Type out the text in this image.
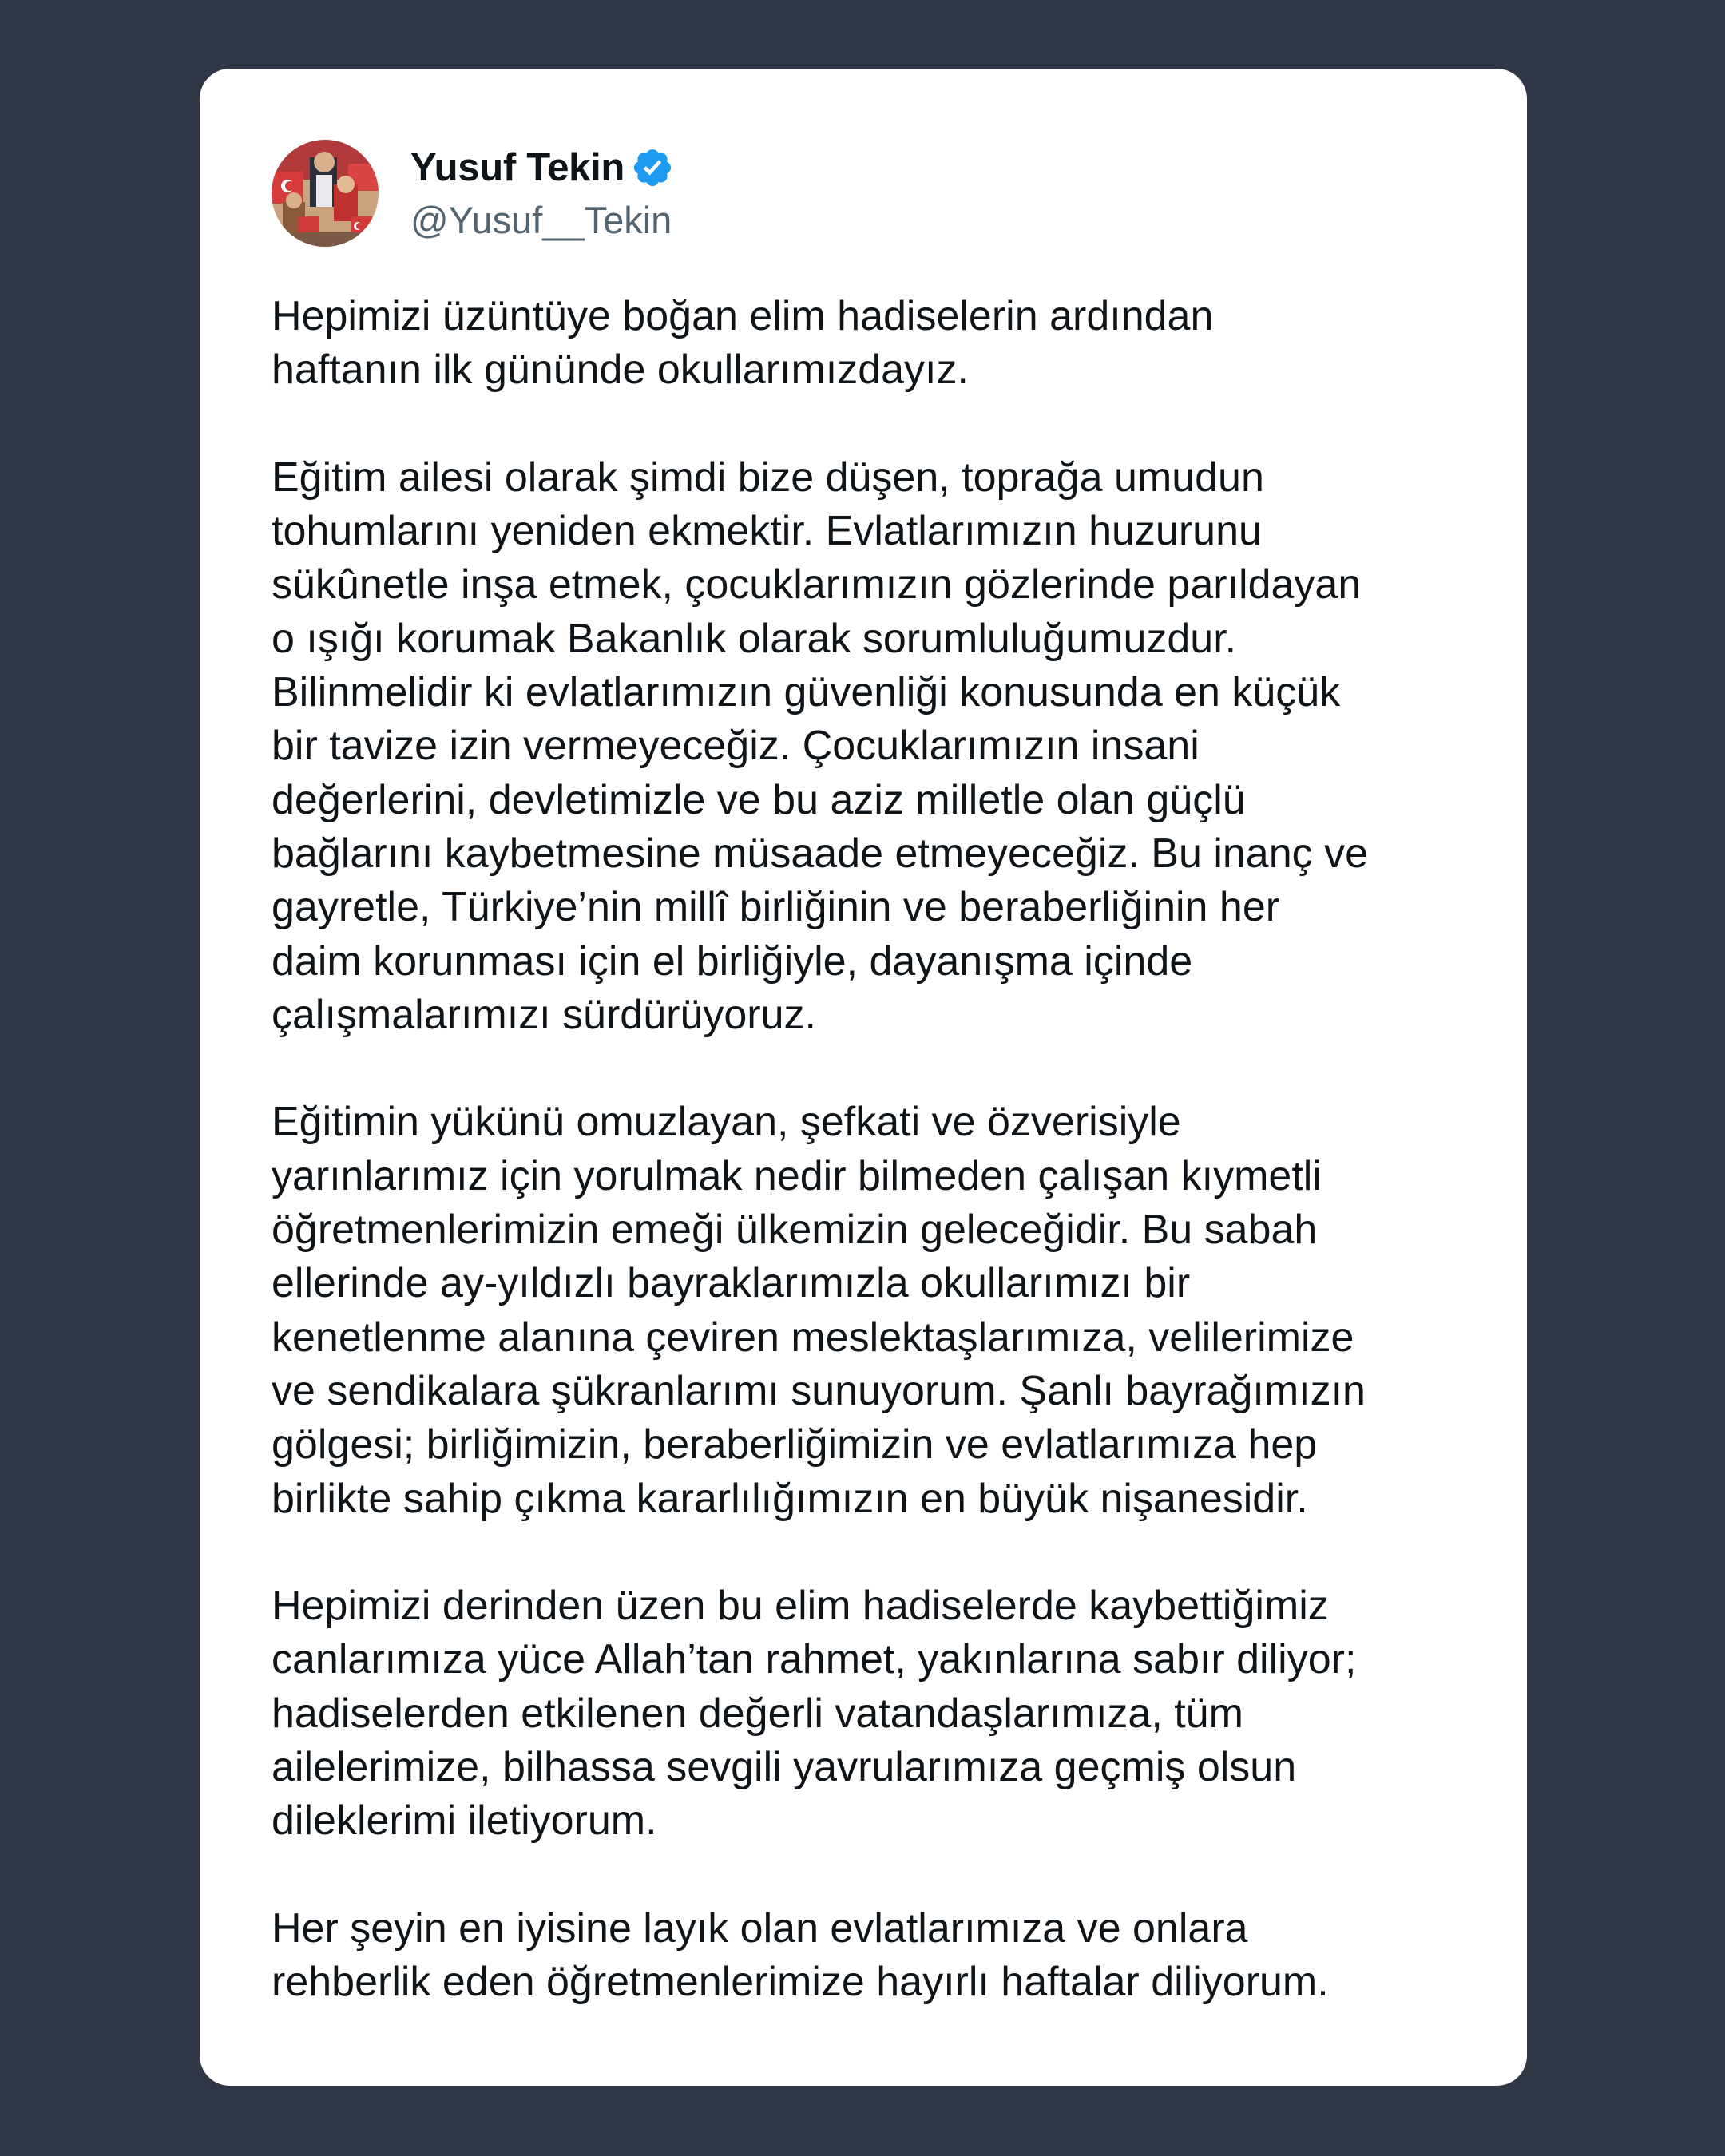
Yusuf Tekin
@Yusuf__Tekin
Hepimizi üzüntüye boğan elim hadiselerin ardından
haftanın ilk gününde okullarımızdayız.
Eğitim ailesi olarak şimdi bize düşen, toprağa umudun
tohumlarını yeniden ekmektir. Evlatlarımızın huzurunu
sükûnetle inşa etmek, çocuklarımızın gözlerinde parıldayan
o ışığı korumak Bakanlık olarak sorumluluğumuzdur.
Bilinmelidir ki evlatlarımızın güvenliği konusunda en küçük
bir tavize izin vermeyeceğiz. Çocuklarımızın insani
değerlerini, devletimizle ve bu aziz milletle olan güçlü
bağlarını kaybetmesine müsaade etmeyeceğiz. Bu inanç ve
gayretle, Türkiye’nin millî birliğinin ve beraberliğinin her
daim korunması için el birliğiyle, dayanışma içinde
çalışmalarımızı sürdürüyoruz.
Eğitimin yükünü omuzlayan, şefkati ve özverisiyle
yarınlarımız için yorulmak nedir bilmeden çalışan kıymetli
öğretmenlerimizin emeği ülkemizin geleceğidir. Bu sabah
ellerinde ay-yıldızlı bayraklarımızla okullarımızı bir
kenetlenme alanına çeviren meslektaşlarımıza, velilerimize
ve sendikalara şükranlarımı sunuyorum. Şanlı bayrağımızın
gölgesi; birliğimizin, beraberliğimizin ve evlatlarımıza hep
birlikte sahip çıkma kararlılığımızın en büyük nişanesidir.
Hepimizi derinden üzen bu elim hadiselerde kaybettiğimiz
canlarımıza yüce Allah’tan rahmet, yakınlarına sabır diliyor;
hadiselerden etkilenen değerli vatandaşlarımıza, tüm
ailelerimize, bilhassa sevgili yavrularımıza geçmiş olsun
dileklerimi iletiyorum.
Her şeyin en iyisine layık olan evlatlarımıza ve onlara
rehberlik eden öğretmenlerimize hayırlı haftalar diliyorum.
